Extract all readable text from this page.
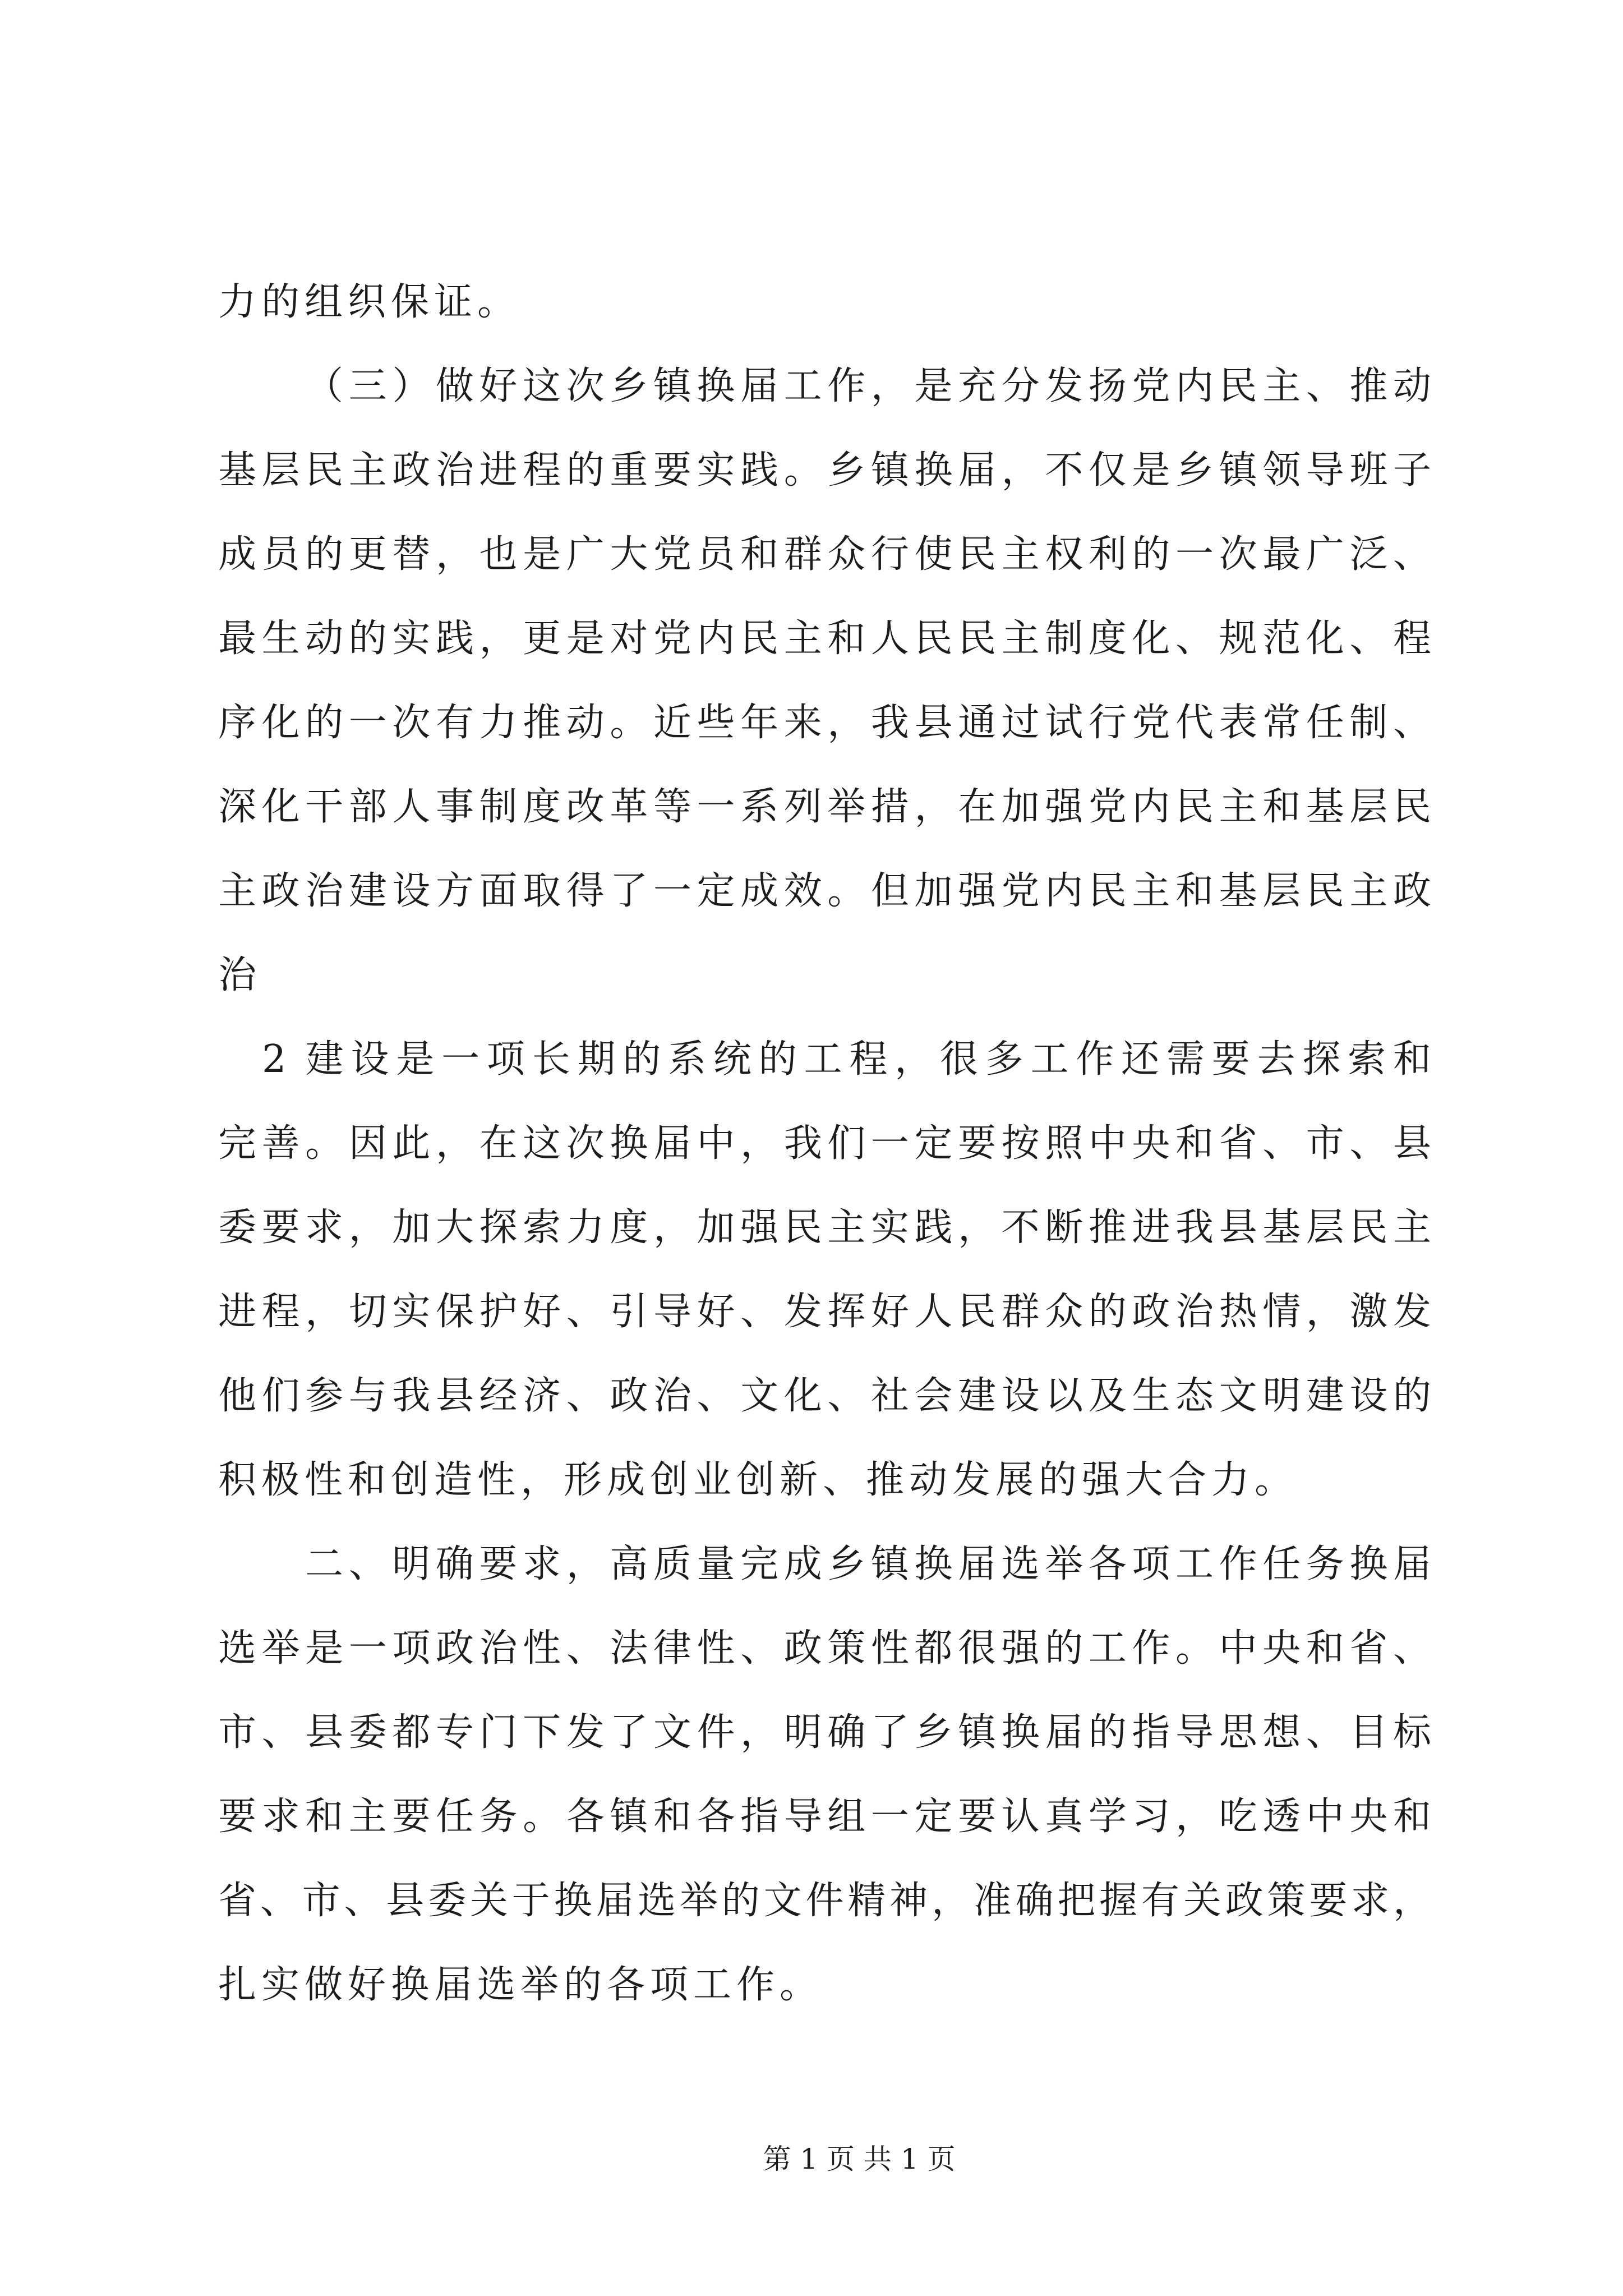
力的组织保证。
（三）做好这次乡镇换届工作，是充分发扬党内民主、推动
基层民主政治进程的重要实践。乡镇换届，不仅是乡镇领导班子
成员的更替，也是广大党员和群众行使民主权利的一次最广泛、
最生动的实践，更是对党内民主和人民民主制度化、规范化、程
序化的一次有力推动。近些年来，我县通过试行党代表常任制、
深化干部人事制度改革等一系列举措，在加强党内民主和基层民
主政治建设方面取得了一定成效。但加强党内民主和基层民主政
治
2 建设是一项长期的系统的工程，很多工作还需要去探索和
完善。因此，在这次换届中，我们一定要按照中央和省、市、县
委要求，加大探索力度，加强民主实践，不断推进我县基层民主
进程，切实保护好、引导好、发挥好人民群众的政治热情，激发
他们参与我县经济、政治、文化、社会建设以及生态文明建设的
积极性和创造性，形成创业创新、推动发展的强大合力。
二、明确要求，高质量完成乡镇换届选举各项工作任务换届
选举是一项政治性、法律性、政策性都很强的工作。中央和省、
市、县委都专门下发了文件，明确了乡镇换届的指导思想、目标
要求和主要任务。各镇和各指导组一定要认真学习，吃透中央和
省、市、县委关于换届选举的文件精神，准确把握有关政策要求，
扎实做好换届选举的各项工作。
第 1 页 共 1 页
